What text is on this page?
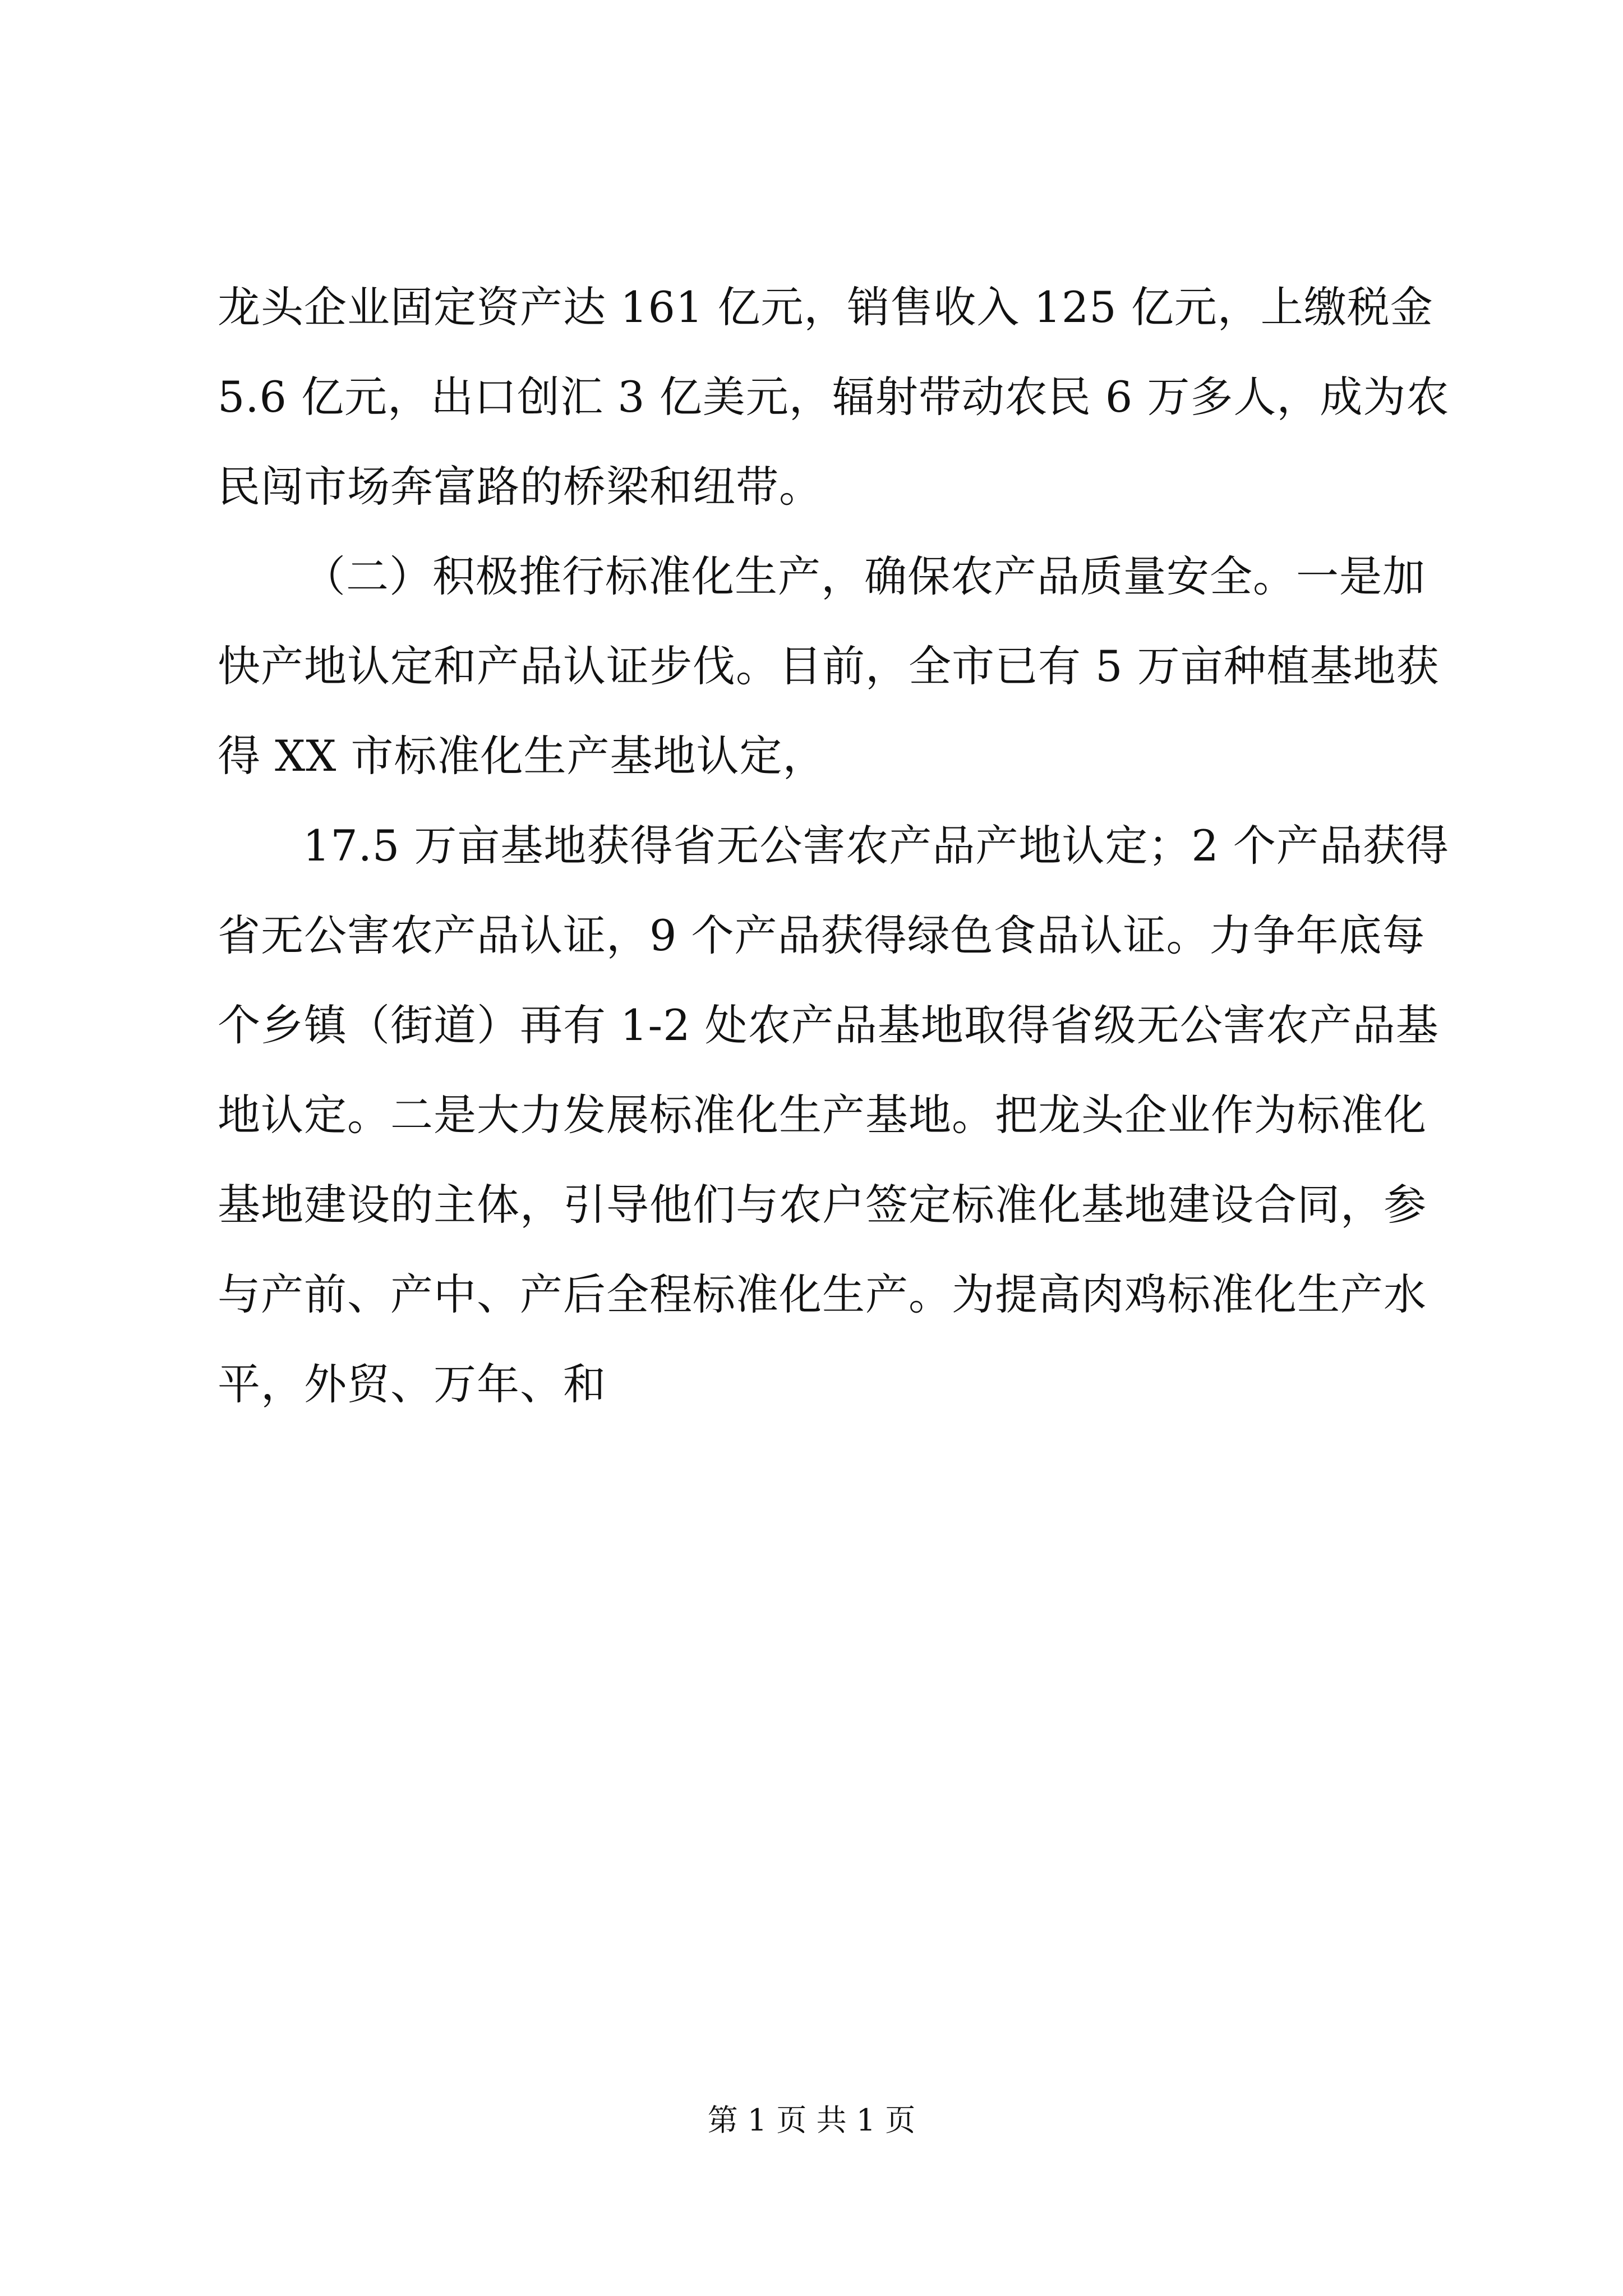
龙头企业固定资产达 161 亿元，销售收入 125 亿元，上缴税金
5.6 亿元，出口创汇 3 亿美元，辐射带动农民 6 万多人，成为农
民闯市场奔富路的桥梁和纽带。

（二）积极推行标准化生产，确保农产品质量安全。一是加
快产地认定和产品认证步伐。目前，全市已有 5 万亩种植基地获
得 XX 市标准化生产基地认定，

17.5 万亩基地获得省无公害农产品产地认定；2 个产品获得
省无公害农产品认证，9 个产品获得绿色食品认证。力争年底每
个乡镇（街道）再有 1-2 处农产品基地取得省级无公害农产品基
地认定。二是大力发展标准化生产基地。把龙头企业作为标准化
基地建设的主体，引导他们与农户签定标准化基地建设合同，参
与产前、产中、产后全程标准化生产。为提高肉鸡标准化生产水
平，外贸、万年、和

第 1 页 共 1 页
